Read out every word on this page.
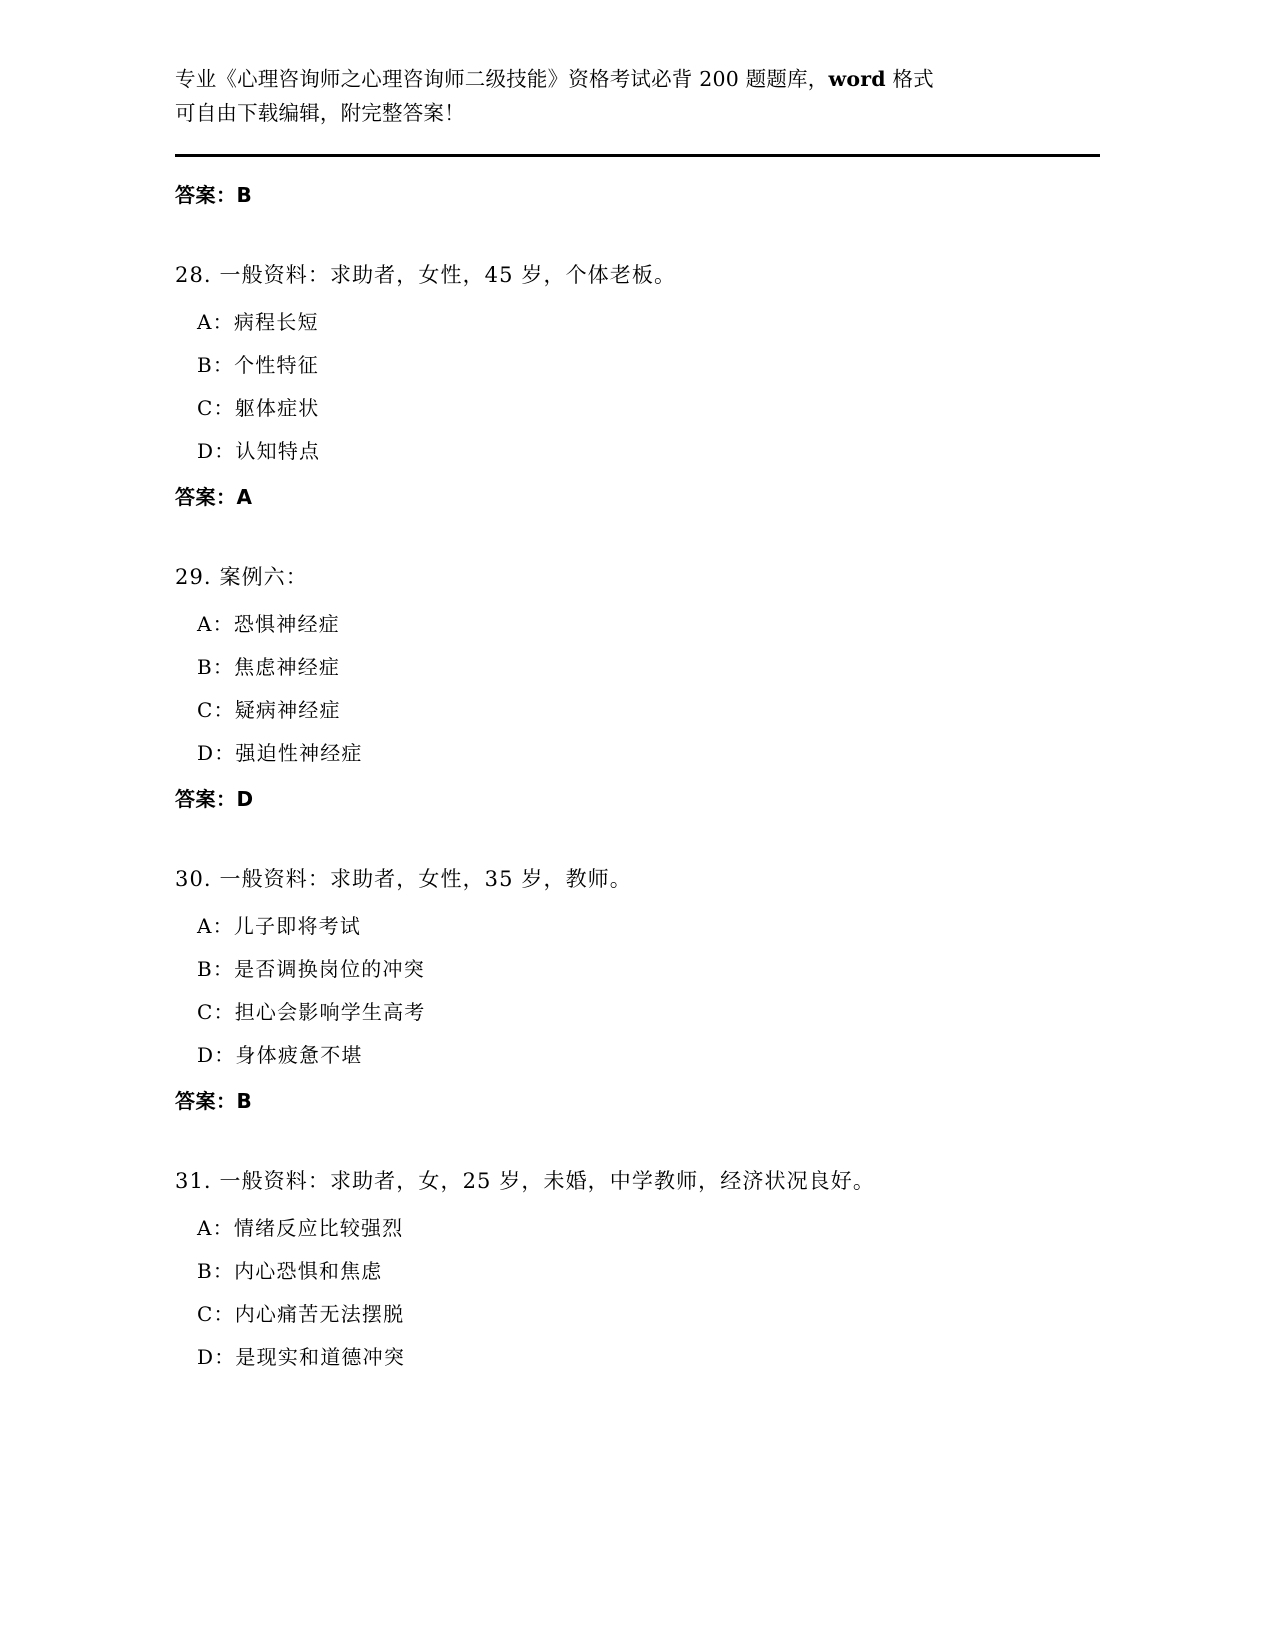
专业《心理咨询师之心理咨询师二级技能》资格考试必背 200 题题库，word 格式
可自由下载编辑，附完整答案！

答案：B

28. 一般资料：求助者，女性，45 岁，个体老板。

A：病程长短

B：个性特征

C：躯体症状

D：认知特点

答案：A

29. 案例六：

A：恐惧神经症

B：焦虑神经症

C：疑病神经症

D：强迫性神经症

答案：D

30. 一般资料：求助者，女性，35 岁，教师。

A：儿子即将考试

B：是否调换岗位的冲突

C：担心会影响学生高考

D：身体疲惫不堪

答案：B

31. 一般资料：求助者，女，25 岁，未婚，中学教师，经济状况良好。

A：情绪反应比较强烈

B：内心恐惧和焦虑

C：内心痛苦无法摆脱

D：是现实和道德冲突
